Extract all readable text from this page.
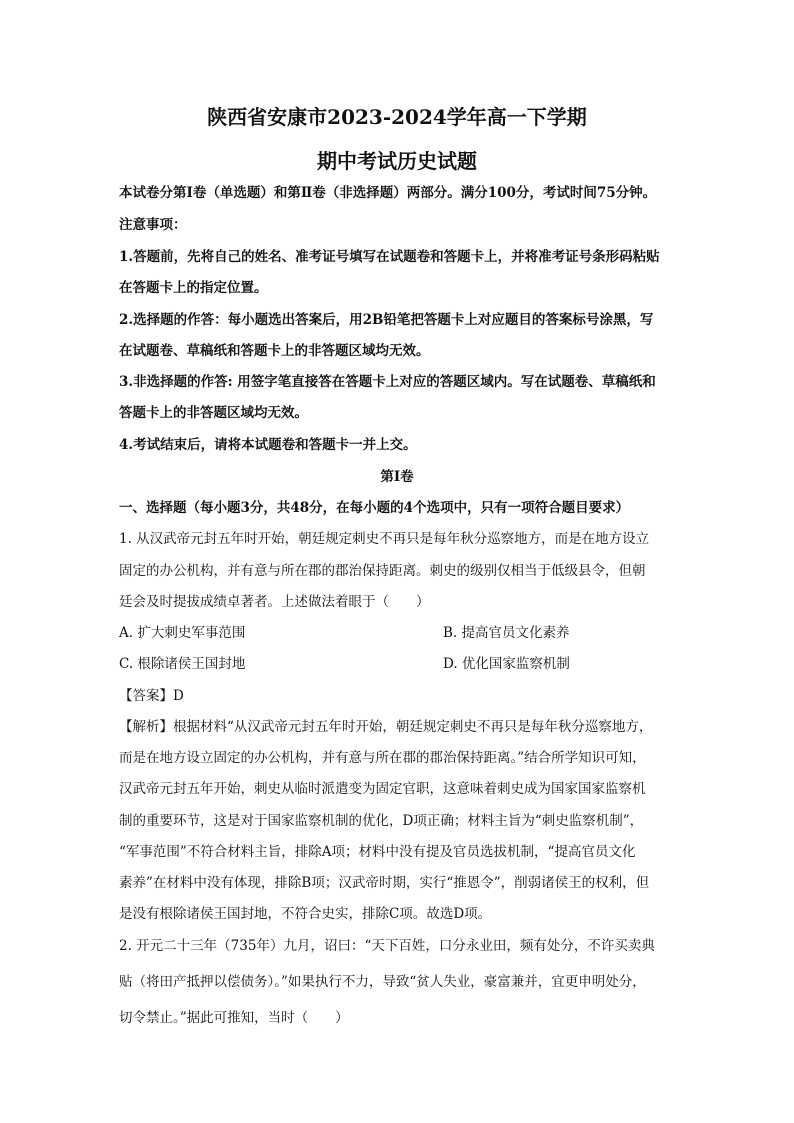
陕西省安康市2023-2024学年高一下学期
期中考试历史试题
本试卷分第Ⅰ卷（单选题）和第Ⅱ卷（非选择题）两部分。满分100分，考试时间75分钟。
注意事项：
1.答题前，先将自己的姓名、准考证号填写在试题卷和答题卡上，并将准考证号条形码粘贴
在答题卡上的指定位置。
2.选择题的作答：每小题选出答案后，用2B铅笔把答题卡上对应题目的答案标号涂黑，写
在试题卷、草稿纸和答题卡上的非答题区域均无效。
3.非选择题的作答: 用签字笔直接答在答题卡上对应的答题区域内。写在试题卷、草稿纸和
答题卡上的非答题区域均无效。
4.考试结束后，请将本试题卷和答题卡一并上交。
第Ⅰ卷
一、选择题（每小题3分，共48分，在每小题的4个选项中，只有一项符合题目要求）
1. 从汉武帝元封五年时开始，朝廷规定刺史不再只是每年秋分巡察地方，而是在地方设立
固定的办公机构，并有意与所在郡的郡治保持距离。刺史的级别仅相当于低级县令，但朝
廷会及时提拔成绩卓著者。上述做法着眼于（　　）
A. 扩大刺史军事范围	B. 提高官员文化素养
C. 根除诸侯王国封地	D. 优化国家监察机制
【答案】D
【解析】根据材料“从汉武帝元封五年时开始，朝廷规定刺史不再只是每年秋分巡察地方，
而是在地方设立固定的办公机构，并有意与所在郡的郡治保持距离。”结合所学知识可知，
汉武帝元封五年开始，刺史从临时派遣变为固定官职，这意味着刺史成为国家国家监察机
制的重要环节，这是对于国家监察机制的优化，D项正确；材料主旨为“刺史监察机制”，
“军事范围”不符合材料主旨，排除A项；材料中没有提及官员选拔机制，“提高官员文化
素养”在材料中没有体现，排除B项；汉武帝时期，实行“推恩令”，削弱诸侯王的权利，但
是没有根除诸侯王国封地，不符合史实，排除C项。故选D项。
2. 开元二十三年（735年）九月，诏曰：“天下百姓，口分永业田，频有处分，不许买卖典
贴（将田产抵押以偿债务）。”如果执行不力，导致“贫人失业，豪富兼并，宜更申明处分，
切令禁止。”据此可推知，当时（　　）
